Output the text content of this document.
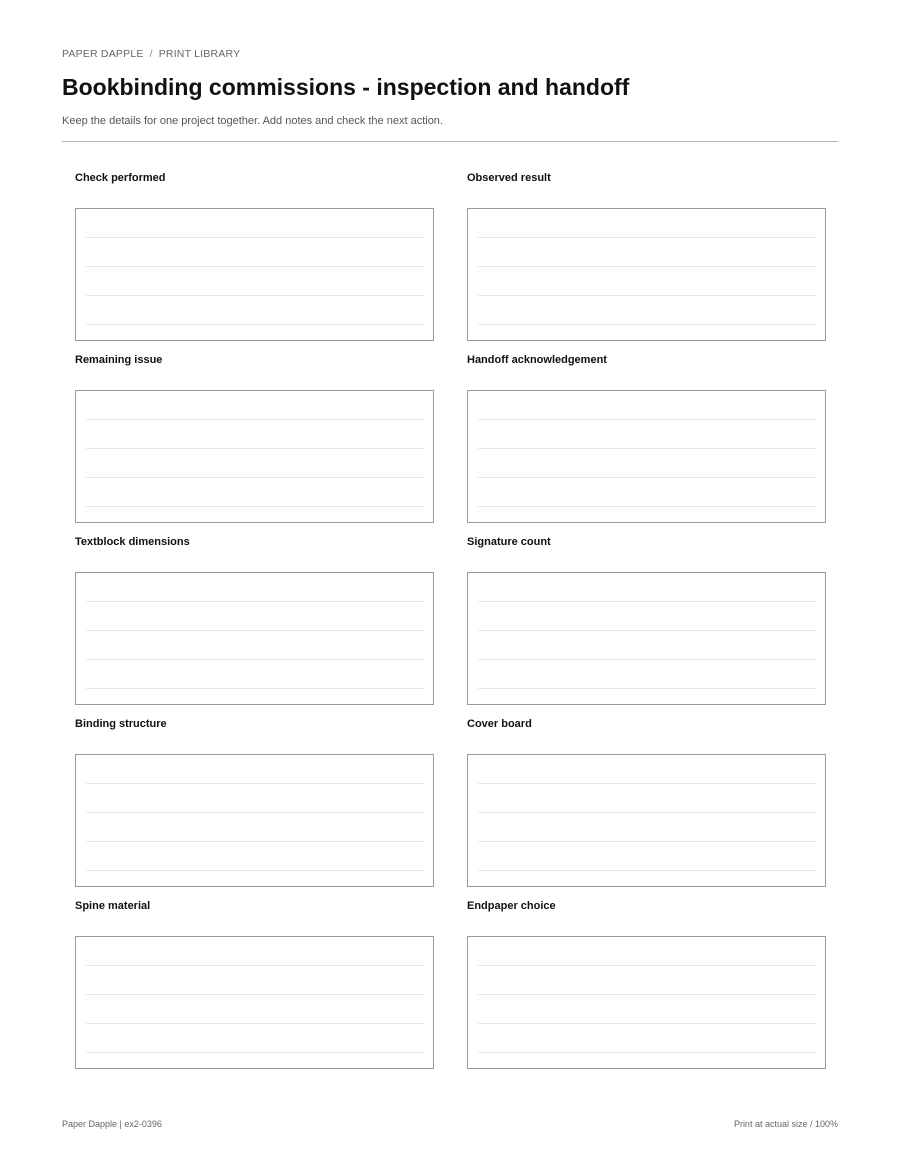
PAPER DAPPLE / PRINT LIBRARY
Bookbinding commissions - inspection and handoff

Keep the details for one project together. Add notes and check the next action.

Check performed	Observed result
Remaining issue	Handoff acknowledgement
Textblock dimensions	Signature count
Binding structure	Cover board
Spine material	Endpaper choice
Paper Dapple | ex2-0396	Print at actual size / 100%
